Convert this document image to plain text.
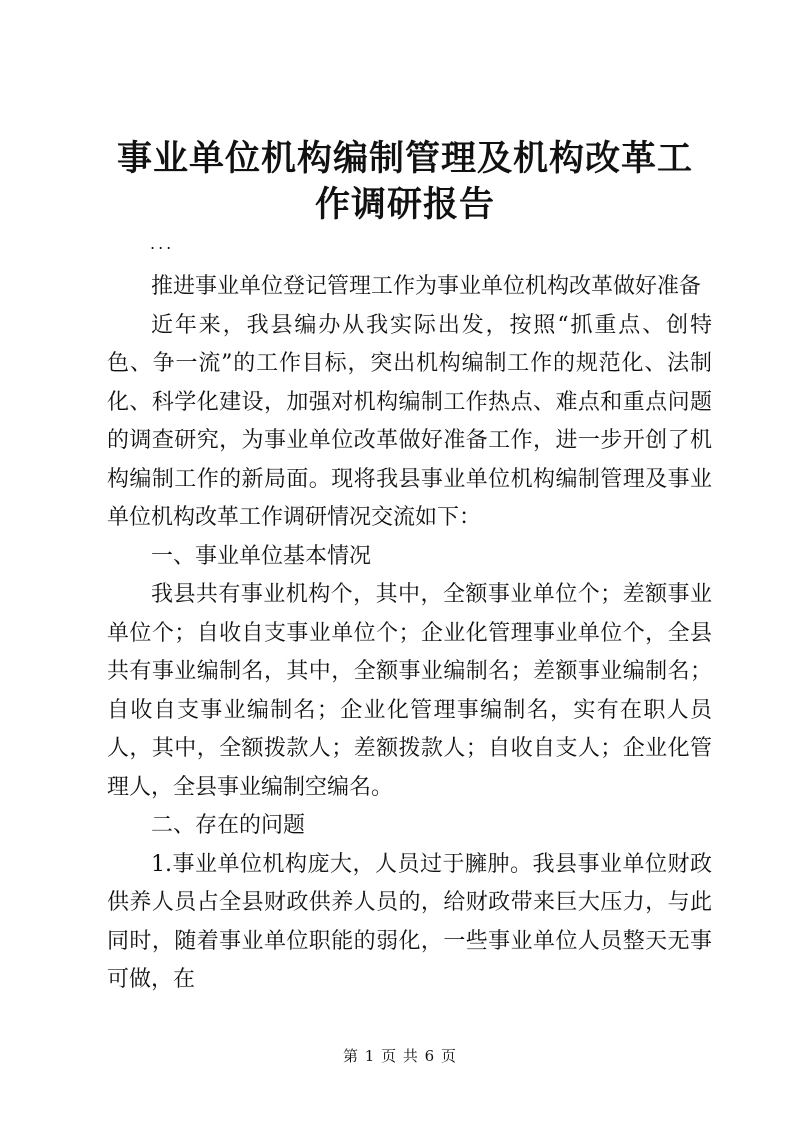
事业单位机构编制管理及机构改革工作调研报告
...

推进事业单位登记管理工作为事业单位机构改革做好准备

近年来，我县编办从我实际出发，按照“抓重点、创特色、争一流”的工作目标，突出机构编制工作的规范化、法制化、科学化建设，加强对机构编制工作热点、难点和重点问题的调查研究，为事业单位改革做好准备工作，进一步开创了机构编制工作的新局面。现将我县事业单位机构编制管理及事业单位机构改革工作调研情况交流如下：

一、事业单位基本情况

我县共有事业机构个，其中，全额事业单位个；差额事业单位个；自收自支事业单位个；企业化管理事业单位个，全县共有事业编制名，其中，全额事业编制名；差额事业编制名；自收自支事业编制名；企业化管理事编制名，实有在职人员人，其中，全额拨款人；差额拨款人；自收自支人；企业化管理人，全县事业编制空编名。

二、存在的问题

1.事业单位机构庞大，人员过于臃肿。我县事业单位财政供养人员占全县财政供养人员的，给财政带来巨大压力，与此同时，随着事业单位职能的弱化，一些事业单位人员整天无事可做，在

第 1 页 共 6 页
